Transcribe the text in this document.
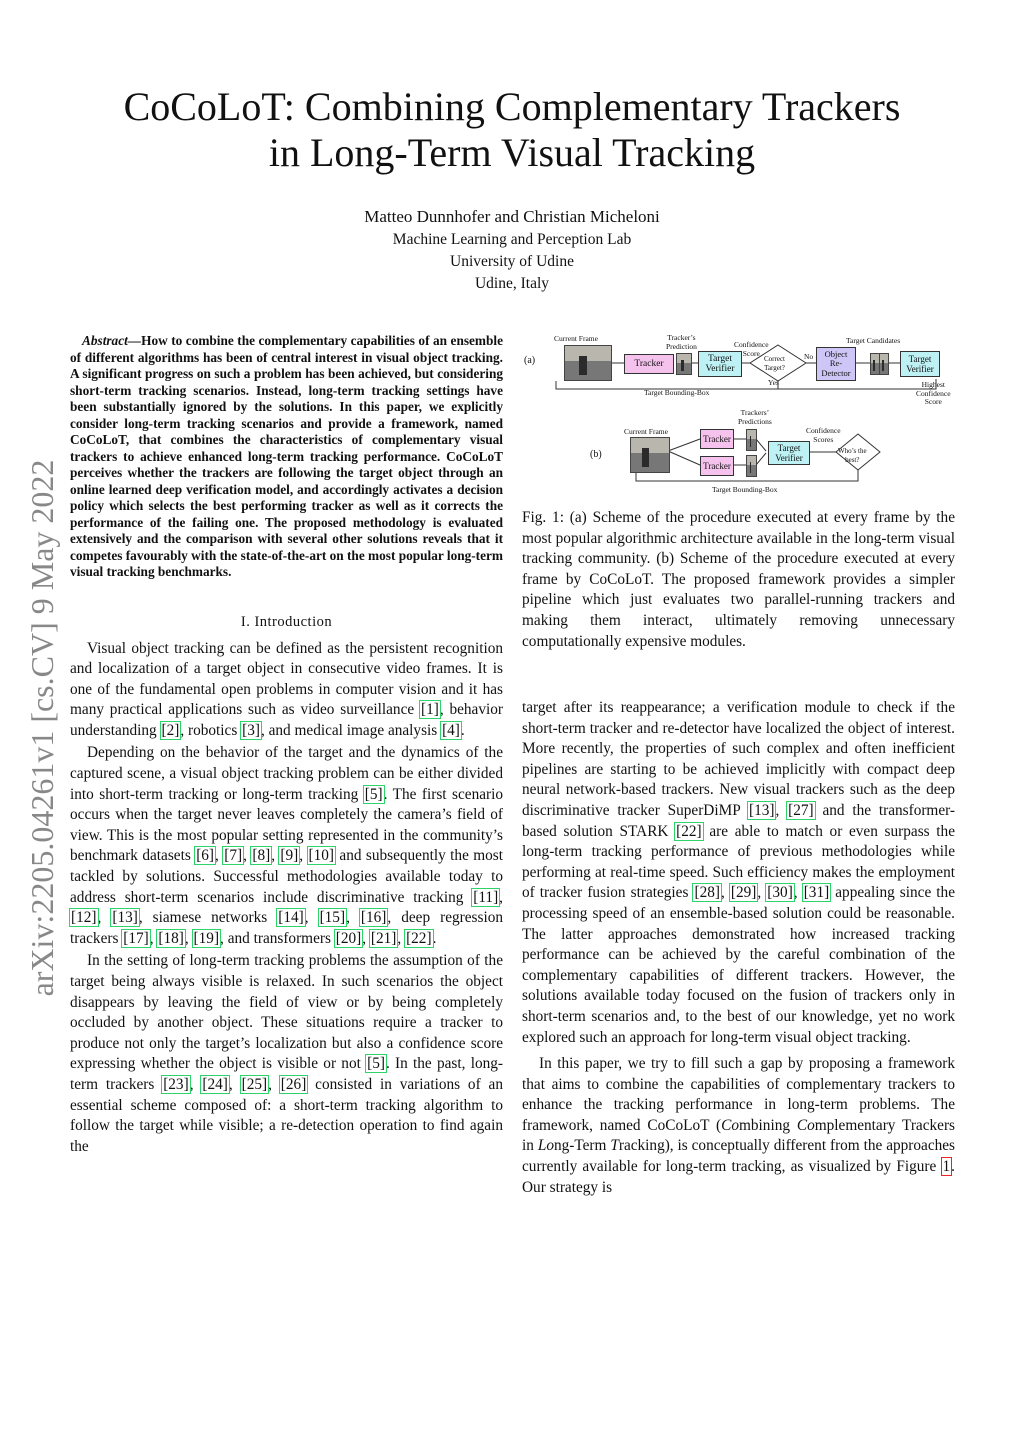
CoCoLoT: Combining Complementary Trackers
in Long-Term Visual Tracking
Matteo Dunnhofer and Christian Micheloni
Machine Learning and Perception Lab
University of Udine
Udine, Italy
arXiv:2205.04261v1 [cs.CV] 9 May 2022

Abstract—How to combine the complementary capabilities of an ensemble of different algorithms has been of central interest in visual object tracking. A significant progress on such a problem has been achieved, but considering short-term tracking scenarios. Instead, long-term tracking settings have been substantially ignored by the solutions. In this paper, we explicitly consider long-term tracking scenarios and provide a framework, named CoCoLoT, that combines the characteristics of complementary visual trackers to achieve enhanced long-term tracking performance. CoCoLoT perceives whether the trackers are following the target object through an online learned deep verification model, and accordingly activates a decision policy which selects the best performing tracker as well as it corrects the performance of the failing one. The proposed methodology is evaluated extensively and the comparison with several other solutions reveals that it competes favourably with the state-of-the-art on the most popular long-term visual tracking benchmarks.

I. Introduction

Visual object tracking can be defined as the persistent recognition and localization of a target object in consecutive video frames. It is one of the fundamental open problems in computer vision and it has many practical applications such as video surveillance [1], behavior understanding [2], robotics [3], and medical image analysis [4].

Depending on the behavior of the target and the dynamics of the captured scene, a visual object tracking problem can be either divided into short-term tracking or long-term tracking [5]. The first scenario occurs when the target never leaves completely the camera’s field of view. This is the most popular setting represented in the community’s benchmark datasets [6], [7], [8], [9], [10] and subsequently the most tackled by solutions. Successful methodologies available today to address short-term scenarios include discriminative tracking [11], [12], [13], siamese networks [14], [15], [16], deep regression trackers [17], [18], [19], and transformers [20], [21], [22].

In the setting of long-term tracking problems the assumption of the target being always visible is relaxed. In such scenarios the object disappears by leaving the field of view or by being completely occluded by another object. These situations require a tracker to produce not only the target’s localization but also a confidence score expressing whether the object is visible or not [5]. In the past, long-term trackers [23], [24], [25], [26] consisted in variations of an essential scheme composed of: a short-term tracking algorithm to follow the target while visible; a re-detection operation to find again the

(a)
Current Frame
Tracker
Tracker’s
Prediction
Target
Verifier
Confidence
Score
Correct
Target?
No
Yes
Object
Re-
Detector
Target Candidates
Target
Verifier
Highest
Confidence
Score
Target Bounding-Box
(b)
Current Frame
Trackers’
Predictions
Tracker
Tracker
Target
Verifier
Confidence
Scores
Who’s the
best?
Target Bounding-Box

Fig. 1: (a) Scheme of the procedure executed at every frame by the most popular algorithmic architecture available in the long-term visual tracking community. (b) Scheme of the procedure executed at every frame by CoCoLoT. The proposed framework provides a simpler pipeline which just evaluates two parallel-running trackers and making them interact, ultimately removing unnecessary computationally expensive modules.

target after its reappearance; a verification module to check if the short-term tracker and re-detector have localized the object of interest. More recently, the properties of such complex and often inefficient pipelines are starting to be achieved implicitly with compact deep neural network-based trackers. New visual trackers such as the deep discriminative tracker SuperDiMP [13], [27] and the transformer-based solution STARK [22] are able to match or even surpass the long-term tracking performance of previous methodologies while performing at real-time speed. Such efficiency makes the employment of tracker fusion strategies [28], [29], [30], [31] appealing since the processing speed of an ensemble-based solution could be reasonable. The latter approaches demonstrated how increased tracking performance can be achieved by the careful combination of the complementary capabilities of different trackers. However, the solutions available today focused on the fusion of trackers only in short-term scenarios and, to the best of our knowledge, yet no work explored such an approach for long-term visual object tracking.

In this paper, we try to fill such a gap by proposing a framework that aims to combine the capabilities of complementary trackers to enhance the tracking performance in long-term problems. The framework, named CoCoLoT (Combining Complementary Trackers in Long-Term Tracking), is conceptually different from the approaches currently available for long-term tracking, as visualized by Figure 1. Our strategy is
